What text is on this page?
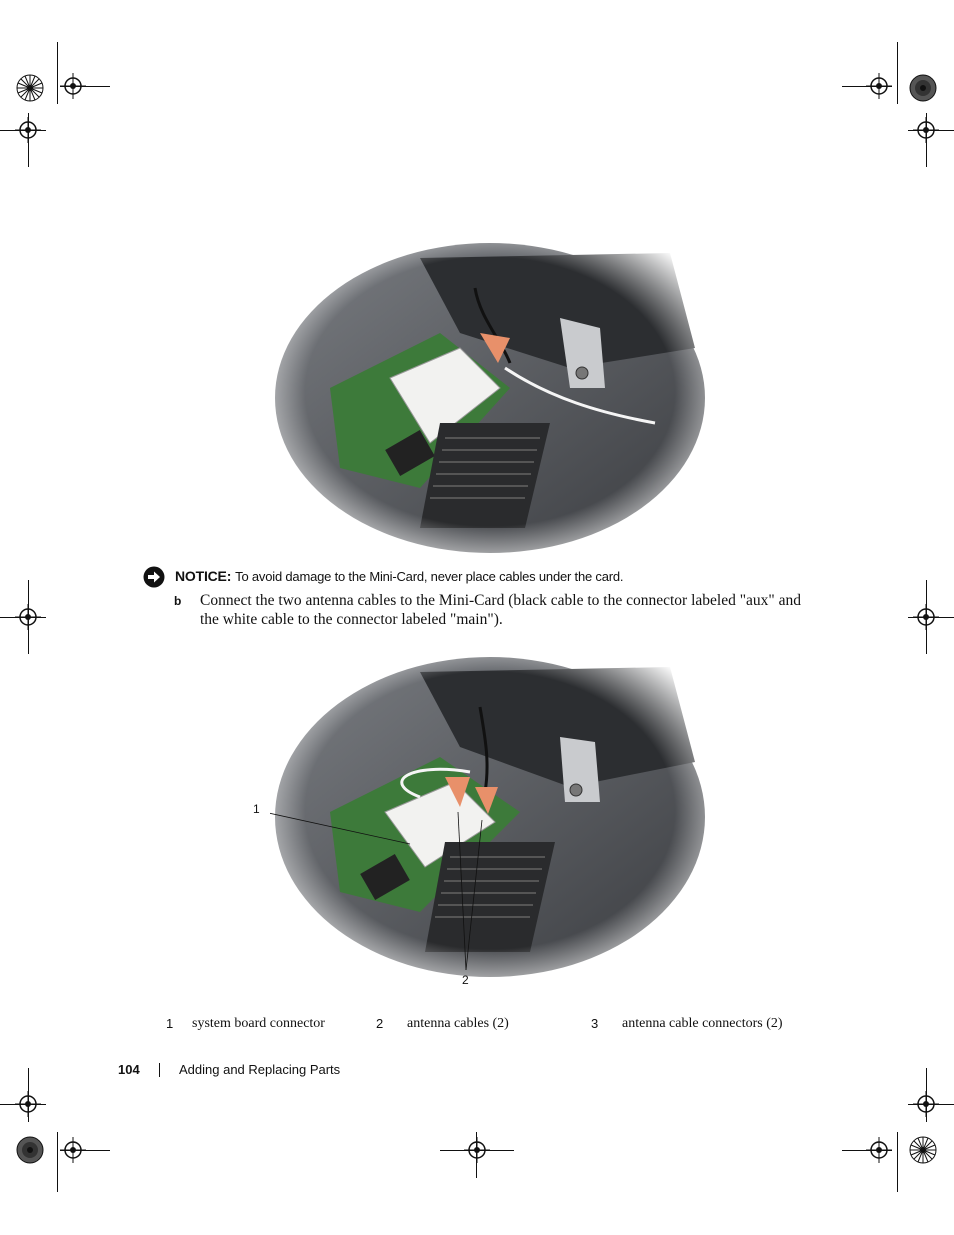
NOTICE: To avoid damage to the Mini-Card, never place cables under the card.
b Connect the two antenna cables to the Mini-Card (black cable to the connector labeled "aux" and the white cable to the connector labeled "main").
1
2
1 system board connector	2 antenna cables (2)	3 antenna cable connectors (2)
104	Adding and Replacing Parts
